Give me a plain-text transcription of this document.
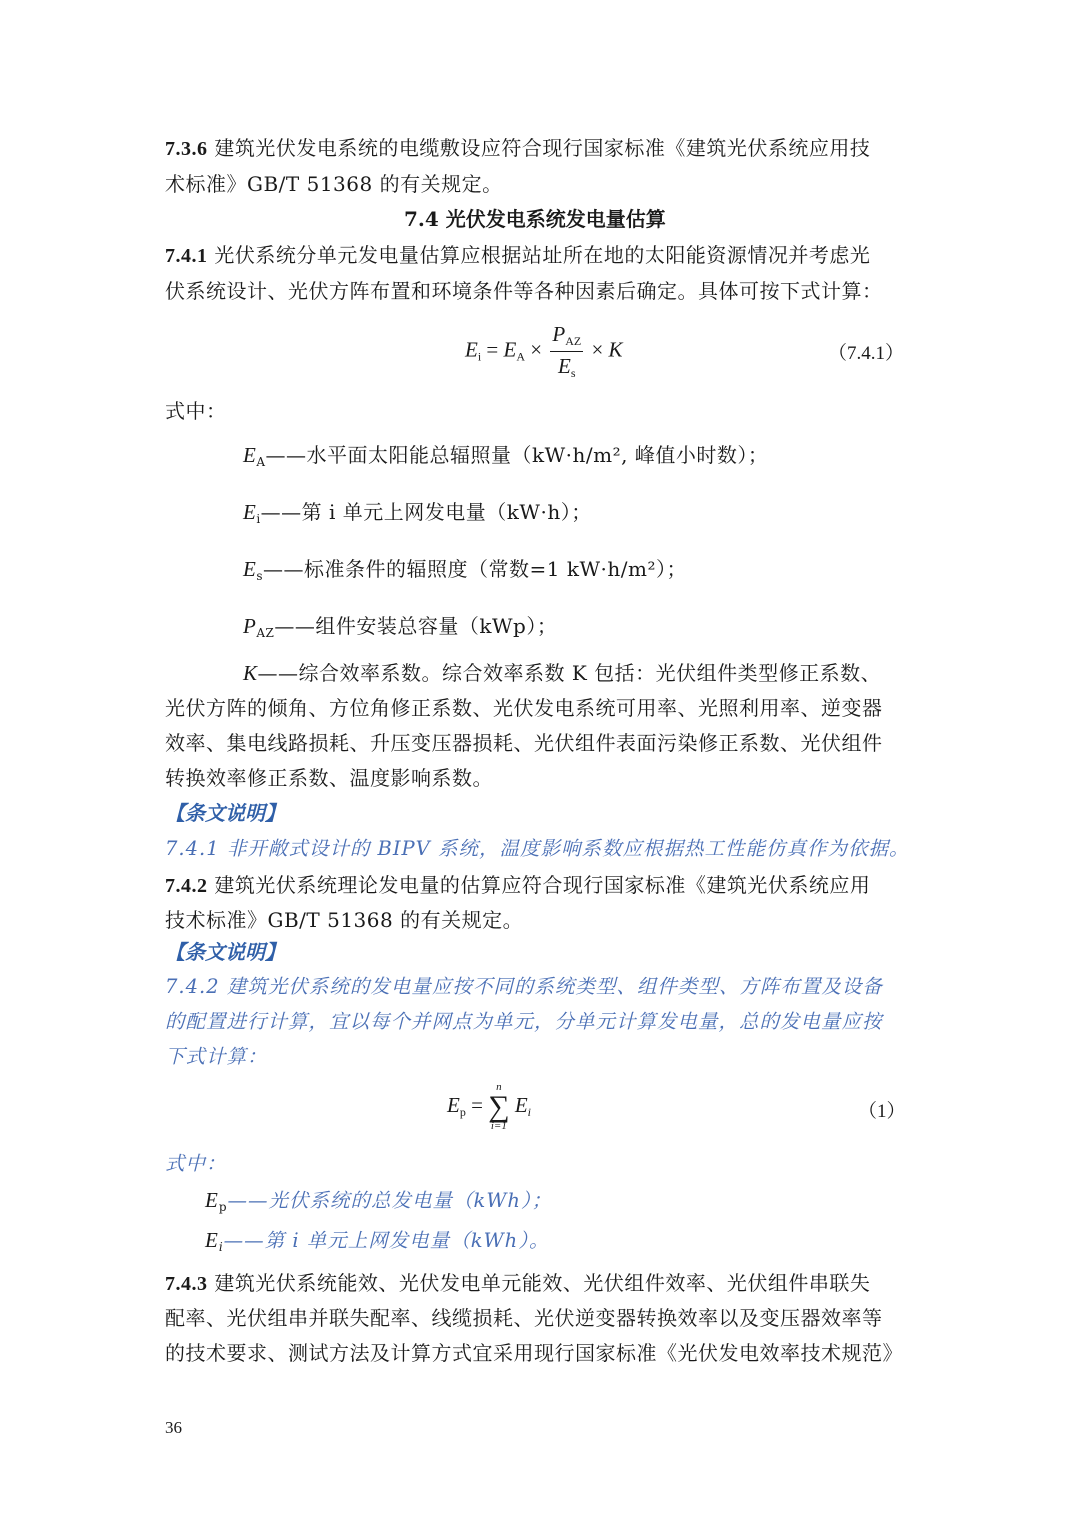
7.3.6 建筑光伏发电系统的电缆敷设应符合现行国家标准《建筑光伏系统应用技
术标准》GB/T 51368 的有关规定。
7.4 光伏发电系统发电量估算
7.4.1 光伏系统分单元发电量估算应根据站址所在地的太阳能资源情况并考虑光
伏系统设计、光伏方阵布置和环境条件等各种因素后确定。具体可按下式计算：
$E_i = E_A \times \frac{P_{AZ}}{E_s} \times K$	（7.4.1）
式中：
$E_A——$水平面太阳能总辐照量（kW·h/m², 峰值小时数）；
$E_i——$第 i 单元上网发电量（kW·h）；
$E_s——$标准条件的辐照度（常数=1 kW·h/m²）；
$P_{AZ}——$组件安装总容量（kWp）；
K——综合效率系数。综合效率系数 K 包括：光伏组件类型修正系数、
光伏方阵的倾角、方位角修正系数、光伏发电系统可用率、光照利用率、逆变器
效率、集电线路损耗、升压变压器损耗、光伏组件表面污染修正系数、光伏组件
转换效率修正系数、温度影响系数。
【条文说明】
7.4.1 非开敞式设计的 BIPV 系统，温度影响系数应根据热工性能仿真作为依据。
7.4.2 建筑光伏系统理论发电量的估算应符合现行国家标准《建筑光伏系统应用
技术标准》GB/T 51368 的有关规定。
【条文说明】
7.4.2 建筑光伏系统的发电量应按不同的系统类型、组件类型、方阵布置及设备
的配置进行计算，宜以每个并网点为单元，分单元计算发电量，总的发电量应按
下式计算：
$E_p$ =
n
∑
i=1
$E_i$	（1）
式中：
$E_p——$光伏系统的总发电量（kWh）；
$E_i——$第 i 单元上网发电量（kWh）。
7.4.3 建筑光伏系统能效、光伏发电单元能效、光伏组件效率、光伏组件串联失
配率、光伏组串并联失配率、线缆损耗、光伏逆变器转换效率以及变压器效率等
的技术要求、测试方法及计算方式宜采用现行国家标准《光伏发电效率技术规范》
36
